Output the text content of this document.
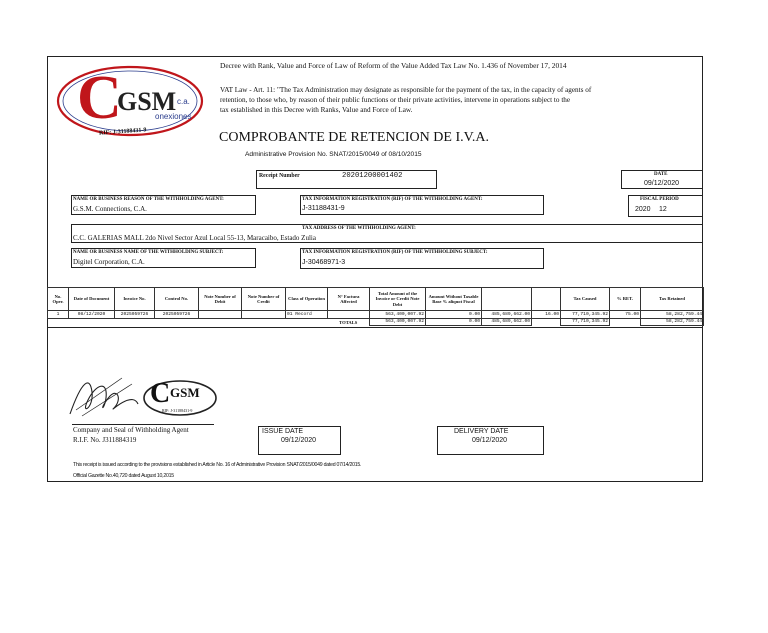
C
GSM c.a.
onexiones
RIF: J-31188431-9
Decree with Rank, Value and Force of Law of Reform of the Value Added Tax Law No. 1.436 of November 17, 2014
VAT Law - Art. 11: "The Tax Administration may designate as responsible for the payment of the tax, in the capacity of agents of
retention, to those who, by reason of their public functions or their private activities, intervene in operations subject to the
tax established in this Decree with Ranks, Value and Force of Law.
COMPROBANTE DE RETENCION DE I.V.A.
Administrative Provision No. SNAT/2015/0049 of 08/10/2015
Receipt Number	20201200001402	DATE
09/12/2020
NAME OR BUSINESS REASON OF THE WITHHOLDING AGENT:
G.S.M. Connections, C.A.
TAX INFORMATION REGISTRATION (RIF) OF THE WITHHOLDING AGENT:
J-31188431-9
FISCAL PERIOD
2020 12
TAX ADDRESS OF THE WITHHOLDING AGENT:
C.C. GALERIAS MALL 2do Nivel Sector Azul Local 55-13, Maracaibo, Estado Zulia
NAME OR BUSINESS NAME OF THE WITHHOLDING SUBJECT:
Digitel Corporation, C.A.
TAX INFORMATION REGISTRATION (RIF) OF THE WITHHOLDING SUBJECT:
J-30468971-3
No. Oper.	Date of Document	Invoice No.	Control No.	Note Number of Debit	Note Number of Credit	Class of Operation	N° Factura Affected	Total Amount of the Invoice or Credit Note Debt	Amount Without Taxable Base % aliquot Fiscal			Tax Caused	% RET.	Tax Retained
1	08/12/2020	2025059726	2025059726			01 Record		563,400,007.92	0.00	485,689,662.00	16.00	77,710,345.92	75.00	58,282,759.44
							TOTALS	563,400,007.92	0.00	485,689,662.00		77,710,345.92		58,282,759.44
C GSM
RIF: J-31188431-9
Company and Seal of Withholding Agent
R.I.F. No. J311884319
ISSUE DATE
09/12/2020
DELIVERY DATE
09/12/2020
This receipt is issued according to the provisions established in Article No. 16 of Administrative Provision SNAT/2015/0049 dated 07/14/2015.
Official Gazette No.40,720 dated August 10,2015
